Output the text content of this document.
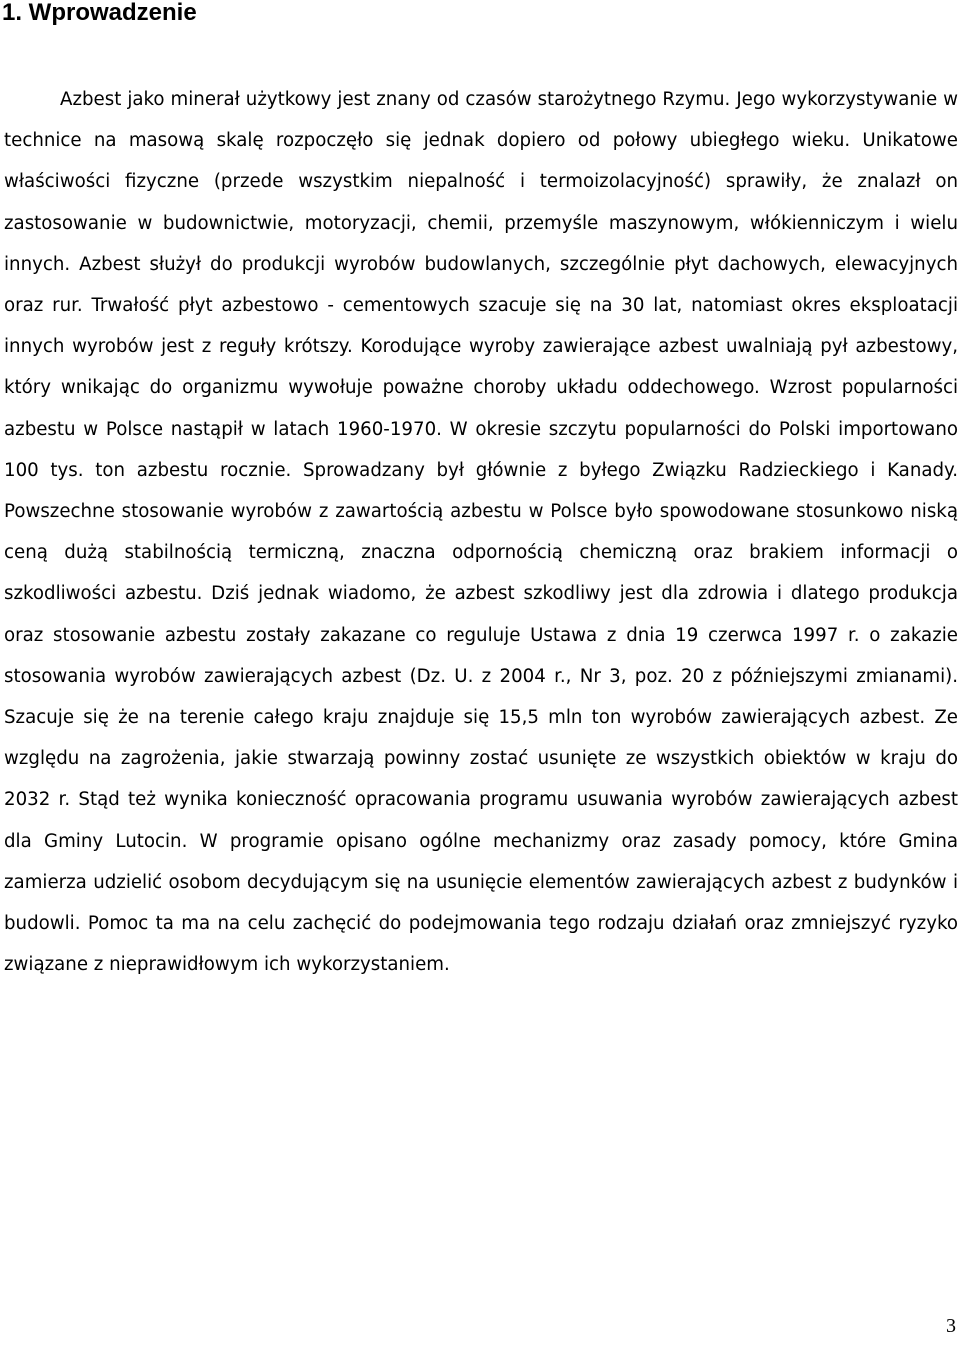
1. Wprowadzenie

Azbest jako minerał użytkowy jest znany od czasów starożytnego Rzymu. Jego wykorzystywanie w technice na masową skalę rozpoczęło się jednak dopiero od połowy ubiegłego wieku. Unikatowe właściwości fizyczne (przede wszystkim niepalność i termoizolacyjność) sprawiły, że znalazł on zastosowanie w budownictwie, motoryzacji, chemii, przemyśle maszynowym, włókienniczym i wielu innych. Azbest służył do produkcji wyrobów budowlanych, szczególnie płyt dachowych, elewacyjnych oraz rur. Trwałość płyt azbestowo - cementowych szacuje się na 30 lat, natomiast okres eksploatacji innych wyrobów jest z reguły krótszy. Korodujące wyroby zawierające azbest uwalniają pył azbestowy, który wnikając do organizmu wywołuje poważne choroby układu oddechowego. Wzrost popularności azbestu w Polsce nastąpił w latach 1960-1970. W okresie szczytu popularności do Polski importowano 100 tys. ton azbestu rocznie. Sprowadzany był głównie z byłego Związku Radzieckiego i Kanady. Powszechne stosowanie wyrobów z zawartością azbestu w Polsce było spowodowane stosunkowo niską ceną dużą stabilnością termiczną, znaczna odpornością chemiczną oraz brakiem informacji o szkodliwości azbestu. Dziś jednak wiadomo, że azbest szkodliwy jest dla zdrowia i dlatego produkcja oraz stosowanie azbestu zostały zakazane co reguluje Ustawa z dnia 19 czerwca 1997 r. o zakazie stosowania wyrobów zawierających azbest (Dz. U. z 2004 r., Nr 3, poz. 20 z późniejszymi zmianami). Szacuje się że na terenie całego kraju znajduje się 15,5 mln ton wyrobów zawierających azbest. Ze względu na zagrożenia, jakie stwarzają powinny zostać usunięte ze wszystkich obiektów w kraju do 2032 r. Stąd też wynika konieczność opracowania programu usuwania wyrobów zawierających azbest dla Gminy Lutocin. W programie opisano ogólne mechanizmy oraz zasady pomocy, które Gmina zamierza udzielić osobom decydującym się na usunięcie elementów zawierających azbest z budynków i budowli. Pomoc ta ma na celu zachęcić do podejmowania tego rodzaju działań oraz zmniejszyć ryzyko związane z nieprawidłowym ich wykorzystaniem.

3
